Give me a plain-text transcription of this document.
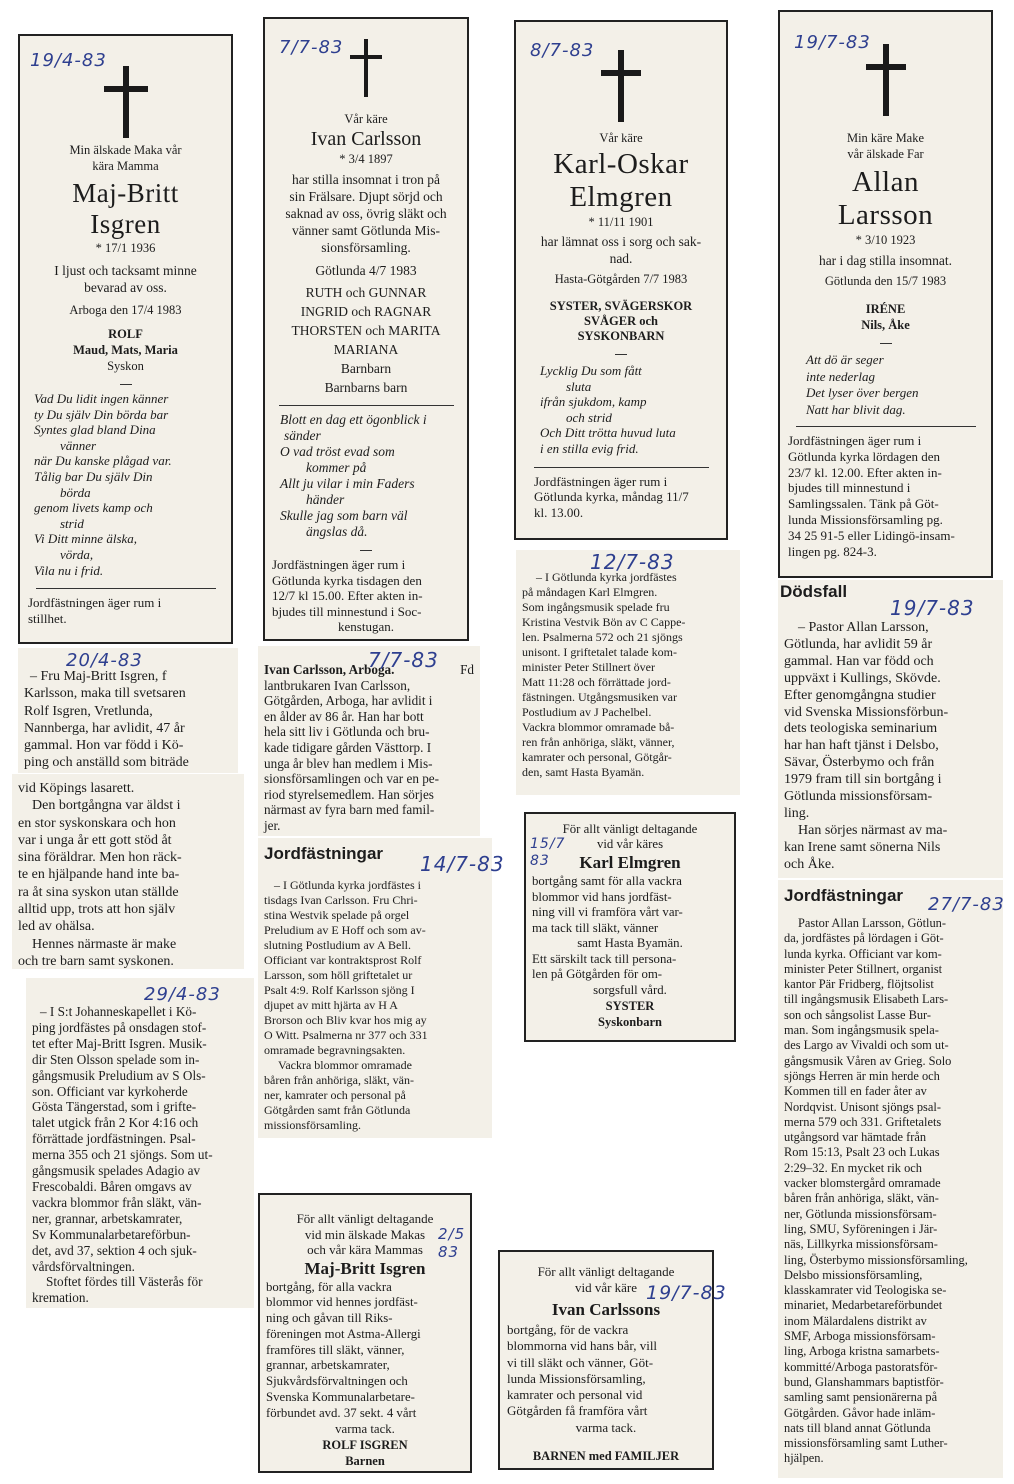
19/4-83
Min älskade Maka vår
kära Mamma
Maj-Britt
Isgren
* 17/1 1936
I ljust och tacksamt minne
bevarad av oss.
Arboga den 17/4 1983
ROLF
Maud, Mats, Maria
Syskon
Vad Du lidit ingen känner
ty Du själv Din börda bar
Syntes glad bland Dina
vänner
när Du kanske plågad var.
Tålig bar Du själv Din
börda
genom livets kamp och
strid
Vi Ditt minne älska,
vörda,
Vila nu i frid.
Jordfästningen äger rum i
stillhet.
7/7-83
Vår käre
Ivan Carlsson
* 3/4 1897
har stilla insomnat i tron på
sin Frälsare. Djupt sörjd och
saknad av oss, övrig släkt och
vänner samt Götlunda Mis-
sionsförsamling.
Götlunda 4/7 1983
RUTH och GUNNAR
INGRID och RAGNAR
THORSTEN och MARITA
MARIANA
Barnbarn
Barnbarns barn
Blott en dag ett ögonblick i
sänder
O vad tröst evad som
kommer på
Allt ju vilar i min Faders
händer
Skulle jag som barn väl
ängslas då.
Jordfästningen äger rum i
Götlunda kyrka tisdagen den
12/7 kl 15.00. Efter akten in-
bjudes till minnestund i Soc-
kenstugan.
8/7-83
Vår käre
Karl-Oskar
Elmgren
* 11/11 1901
har lämnat oss i sorg och sak-
nad.
Hasta-Götgården 7/7 1983
SYSTER, SVÄGERSKOR
SVÅGER och
SYSKONBARN
Lycklig Du som fått
sluta
ifrån sjukdom, kamp
och strid
Och Ditt trötta huvud luta
i en stilla evig frid.
Jordfästningen äger rum i
Götlunda kyrka, måndag 11/7
kl. 13.00.
19/7-83
Min käre Make
vår älskade Far
Allan
Larsson
* 3/10 1923
har i dag stilla insomnat.
Götlunda den 15/7 1983
IRÉNE
Nils, Åke
Att dö är seger
inte nederlag
Det lyser över bergen
Natt har blivit dag.
Jordfästningen äger rum i
Götlunda kyrka lördagen den
23/7 kl. 12.00. Efter akten in-
bjudes till minnestund i
Samlingssalen. Tänk på Göt-
lunda Missionsförsamling pg.
34 25 91-5 eller Lidingö-insam-
lingen pg. 824-3.
20/4-83
– Fru Maj-Britt Isgren, f
Karlsson, maka till svetsaren
Rolf Isgren, Vretlunda,
Nannberga, har avlidit, 47 år
gammal. Hon var född i Kö-
ping och anställd som biträde
vid Köpings lasarett.
Den bortgångna var äldst i
en stor syskonskara och hon
var i unga år ett gott stöd åt
sina föräldrar. Men hon räck-
te en hjälpande hand inte ba-
ra åt sina syskon utan ställde
alltid upp, trots att hon själv
led av ohälsa.
Hennes närmaste är make
och tre barn samt syskonen.
29/4-83
– I S:t Johanneskapellet i Kö-
ping jordfästes på onsdagen stof-
tet efter Maj-Britt Isgren. Musik-
dir Sten Olsson spelade som in-
gångsmusik Preludium av S Ols-
son. Officiant var kyrkoherde
Gösta Tängerstad, som i grifte-
talet utgick från 2 Kor 4:16 och
förrättade jordfästningen. Psal-
merna 355 och 21 sjöngs. Som ut-
gångsmusik spelades Adagio av
Frescobaldi. Båren omgavs av
vackra blommor från släkt, vän-
ner, grannar, arbetskamrater,
Sv Kommunalarbetareförbun-
det, avd 37, sektion 4 och sjuk-
vårdsförvaltningen.
Stoftet fördes till Västerås för
kremation.
7/7-83
Ivan Carlsson, Arboga.	Fd
lantbrukaren Ivan Carlsson,
Götgården, Arboga, har avlidit i
en ålder av 86 år. Han har bott
hela sitt liv i Götlunda och bru-
kade tidigare gården Västtorp. I
unga år blev han medlem i Mis-
sionsförsamlingen och var en pe-
riod styrelsemedlem. Han sörjes
närmast av fyra barn med famil-
jer.
Jordfästningar 14/7-83
– I Götlunda kyrka jordfästes i
tisdags Ivan Carlsson. Fru Chri-
stina Westvik spelade på orgel
Preludium av E Hoff och som av-
slutning Postludium av A Bell.
Officiant var kontraktsprost Rolf
Larsson, som höll griftetalet ur
Psalt 4:9. Rolf Karlsson sjöng I
djupet av mitt hjärta av H A
Brorson och Bliv kvar hos mig ay
O Witt. Psalmerna nr 377 och 331
omramade begravningsakten.
Vackra blommor omramade
båren från anhöriga, släkt, vän-
ner, kamrater och personal på
Götgården samt från Götlunda
missionsförsamling.
2/5 83
För allt vänligt deltagande
vid min älskade Makas
och vår kära Mammas
Maj-Britt Isgren
bortgång, för alla vackra
blommor vid hennes jordfäst-
ning och gåvan till Riks-
föreningen mot Astma-Allergi
framföres till släkt, vänner,
grannar, arbetskamrater,
Sjukvårdsförvaltningen och
Svenska Kommunalarbetare-
förbundet avd. 37 sekt. 4 vårt
varma tack.
ROLF ISGREN
Barnen
12/7-83
– I Götlunda kyrka jordfästes
på måndagen Karl Elmgren.
Som ingångsmusik spelade fru
Kristina Vestvik Bön av C Cappe-
len. Psalmerna 572 och 21 sjöngs
unisont. I griftetalet talade kom-
minister Peter Stillnert över
Matt 11:28 och förrättade jord-
fästningen. Utgångsmusiken var
Postludium av J Pachelbel.
Vackra blommor omramade bå-
ren från anhöriga, släkt, vänner,
kamrater och personal, Götgår-
den, samt Hasta Byamän.
15/7 83
För allt vänligt deltagande
vid vår käres
Karl Elmgren
bortgång samt för alla vackra
blommor vid hans jordfäst-
ning vill vi framföra vårt var-
ma tack till släkt, vänner
samt Hasta Byamän.
Ett särskilt tack till persona-
len på Götgården för om-
sorgsfull vård.
SYSTER
Syskonbarn
19/7-83
För allt vänligt deltagande
vid vår käre
Ivan Carlssons
bortgång, för de vackra
blommorna vid hans bår, vill
vi till släkt och vänner, Göt-
lunda Missionsförsamling,
kamrater och personal vid
Götgården få framföra vårt
varma tack.
BARNEN med FAMILJER
Dödsfall
19/7-83
– Pastor Allan Larsson,
Götlunda, har avlidit 59 år
gammal. Han var född och
uppväxt i Kullings, Skövde.
Efter genomgångna studier
vid Svenska Missionsförbun-
dets teologiska seminarium
har han haft tjänst i Delsbo,
Sävar, Österbymo och från
1979 fram till sin bortgång i
Götlunda missionsförsam-
ling.
Han sörjes närmast av ma-
kan Irene samt sönerna Nils
och Åke.
Jordfästningar 27/7-83
Pastor Allan Larsson, Götlun-
da, jordfästes på lördagen i Göt-
lunda kyrka. Officiant var kom-
minister Peter Stillnert, organist
kantor Pär Fridberg, flöjtsolist
till ingångsmusik Elisabeth Lars-
son och sångsolist Lasse Bur-
man. Som ingångsmusik spela-
des Largo av Vivaldi och som ut-
gångsmusik Våren av Grieg. Solo
sjöngs Herren är min herde och
Kommen till en fader åter av
Nordqvist. Unisont sjöngs psal-
merna 579 och 331. Griftetalets
utgångsord var hämtade från
Rom 15:13, Psalt 23 och Lukas
2:29–32. En mycket rik och
vacker blomstergård omramade
båren från anhöriga, släkt, vän-
ner, Götlunda missionsförsam-
ling, SMU, Syföreningen i Jär-
näs, Lillkyrka missionsförsam-
ling, Österbymo missionsförsamling,
Delsbo missionsförsamling,
klasskamrater vid Teologiska se-
minariet, Medarbetareförbundet
inom Mälardalens distrikt av
SMF, Arboga missionsförsam-
ling, Arboga kristna samarbets-
kommitté/Arboga pastoratsför-
bund, Glanshammars baptistför-
samling samt pensionärerna på
Götgården. Gåvor hade inläm-
nats till bland annat Götlunda
missionsförsamling samt Luther-
hjälpen.
